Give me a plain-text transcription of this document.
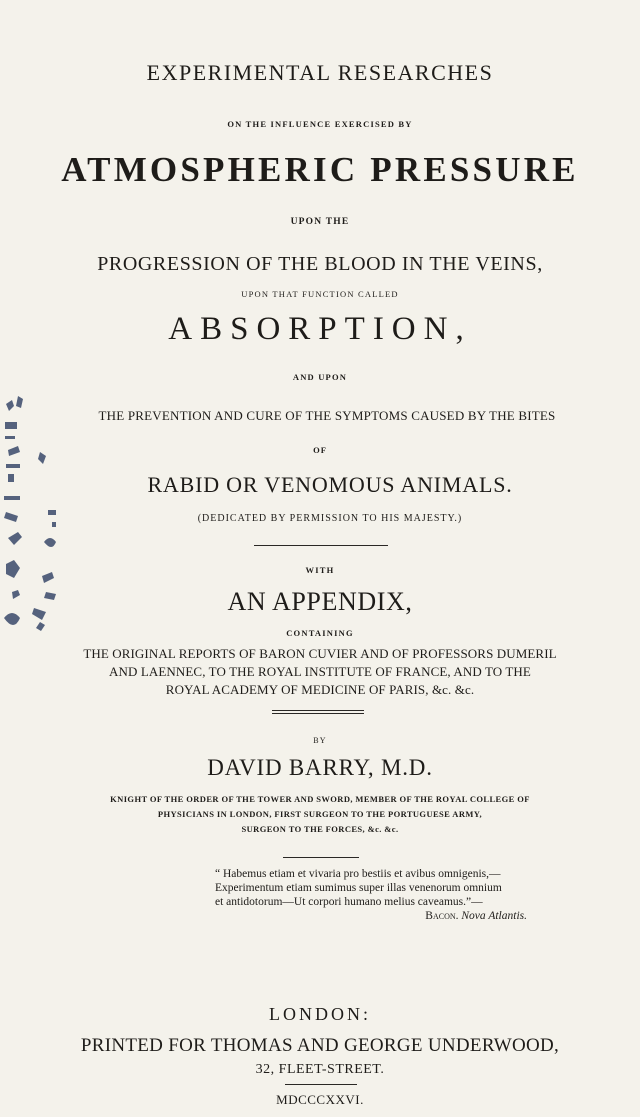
EXPERIMENTAL RESEARCHES
ON THE INFLUENCE EXERCISED BY
ATMOSPHERIC PRESSURE
UPON THE
PROGRESSION OF THE BLOOD IN THE VEINS,
UPON THAT FUNCTION CALLED
ABSORPTION,
AND UPON
THE PREVENTION AND CURE OF THE SYMPTOMS CAUSED BY THE BITES
OF
RABID OR VENOMOUS ANIMALS.
(DEDICATED BY PERMISSION TO HIS MAJESTY.)
WITH
AN APPENDIX,
CONTAINING
THE ORIGINAL REPORTS OF BARON CUVIER AND OF PROFESSORS DUMERIL
AND LAENNEC, TO THE ROYAL INSTITUTE OF FRANCE, AND TO THE
ROYAL ACADEMY OF MEDICINE OF PARIS, &c. &c.
BY
DAVID BARRY, M.D.
KNIGHT OF THE ORDER OF THE TOWER AND SWORD, MEMBER OF THE ROYAL COLLEGE OF
PHYSICIANS IN LONDON, FIRST SURGEON TO THE PORTUGUESE ARMY,
SURGEON TO THE FORCES, &c. &c.
“ Habemus etiam et vivaria pro bestiis et avibus omnigenis,—
Experimentum etiam sumimus super illas venenorum omnium
et antidotorum—Ut corpori humano melius caveamus.”—
Bacon. Nova Atlantis.
LONDON:
PRINTED FOR THOMAS AND GEORGE UNDERWOOD,
32, FLEET-STREET.
MDCCCXXVI.
